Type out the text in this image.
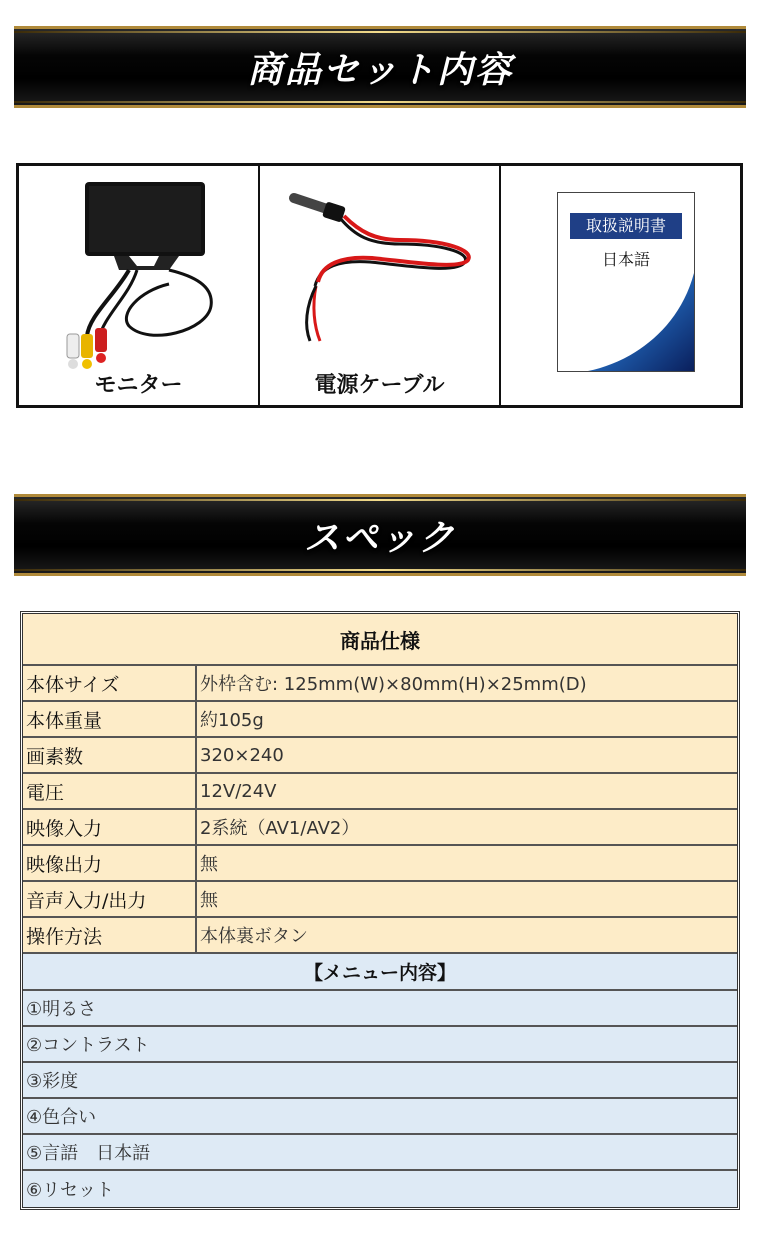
商品セット内容
モニター	電源ケーブル
取扱説明書
日本語
スペック
商品仕様
本体サイズ	外枠含む: 125mm(W)×80mm(H)×25mm(D)
本体重量	約105g
画素数	320×240
電圧	12V/24V
映像入力	2系統（AV1/AV2）
映像出力	無
音声入力/出力	無
操作方法	本体裏ボタン
【メニュー内容】
①明るさ
②コントラスト
③彩度
④色合い
⑤言語　日本語
⑥リセット
